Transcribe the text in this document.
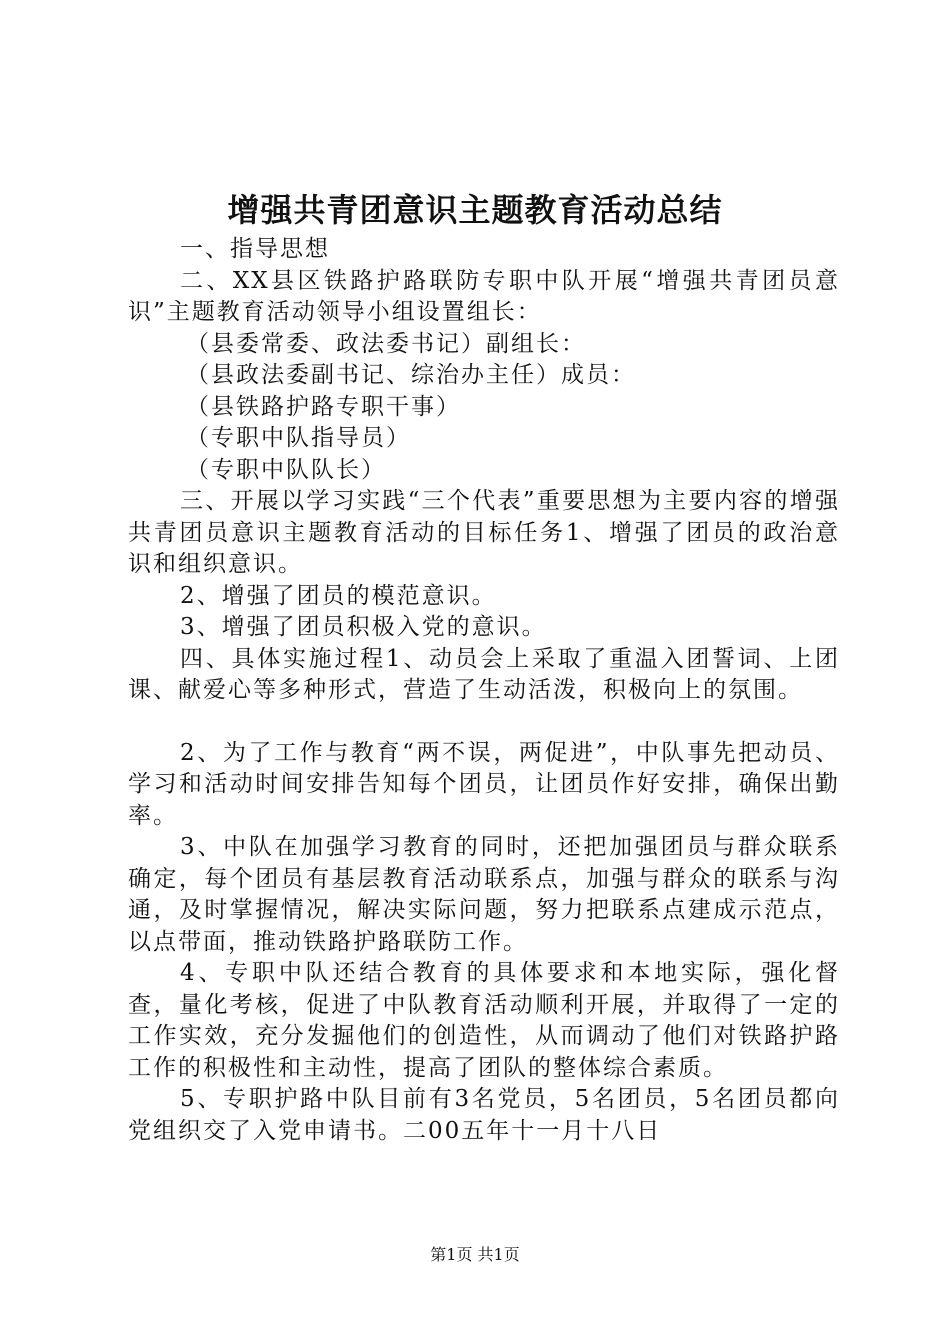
增强共青团意识主题教育活动总结

一、指导思想

二、XX县区铁路护路联防专职中队开展“增强共青团员意识”主题教育活动领导小组设置组长：

（县委常委、政法委书记）副组长：

（县政法委副书记、综治办主任）成员：

（县铁路护路专职干事）

（专职中队指导员）

（专职中队队长）

三、开展以学习实践“三个代表”重要思想为主要内容的增强共青团员意识主题教育活动的目标任务1、增强了团员的政治意识和组织意识。

2、增强了团员的模范意识。

3、增强了团员积极入党的意识。

四、具体实施过程1、动员会上采取了重温入团誓词、上团课、献爱心等多种形式，营造了生动活泼，积极向上的氛围。

2、为了工作与教育“两不误，两促进”，中队事先把动员、学习和活动时间安排告知每个团员，让团员作好安排，确保出勤率。

3、中队在加强学习教育的同时，还把加强团员与群众联系确定，每个团员有基层教育活动联系点，加强与群众的联系与沟通，及时掌握情况，解决实际问题，努力把联系点建成示范点，以点带面，推动铁路护路联防工作。

4、专职中队还结合教育的具体要求和本地实际，强化督查，量化考核，促进了中队教育活动顺利开展，并取得了一定的工作实效，充分发掘他们的创造性，从而调动了他们对铁路护路工作的积极性和主动性，提高了团队的整体综合素质。

5、专职护路中队目前有3名党员，5名团员，5名团员都向党组织交了入党申请书。二00五年十一月十八日

第1页 共1页
